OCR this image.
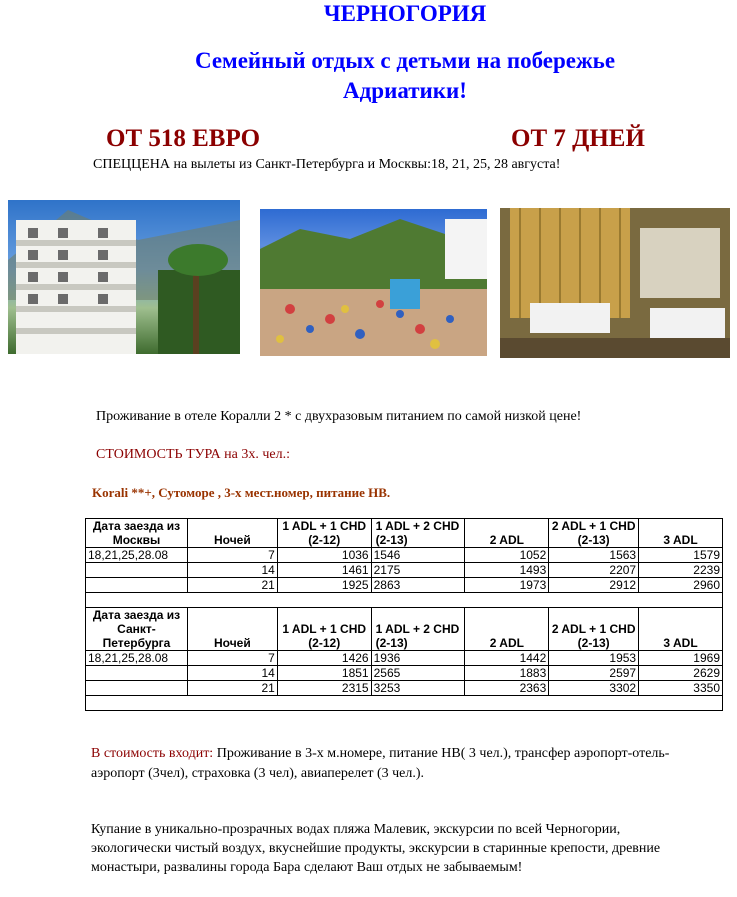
ЧЕРНОГОРИЯ
Семейный отдых с детьми на побережье
Адриатики!
ОТ 518 ЕВРО	ОТ 7 ДНЕЙ
СПЕЦЦЕНА на вылеты из Санкт-Петербурга и Москвы:18, 21, 25, 28 августа!
Проживание в отеле Коралли 2 * с двухразовым питанием по самой низкой цене!
СТОИМОСТЬ ТУРА на 3х. чел.:
Korali **+, Сутоморе , 3-х мест.номер, питание НВ.
Дата заезда из Москвы	Ночей	1 ADL + 1 CHD (2-12)	1 ADL + 2 CHD (2-13)	2 ADL	2 ADL + 1 CHD (2-13)	3 ADL
18,21,25,28.08	7	1036	1546	1052	1563	1579
	14	1461	2175	1493	2207	2239
	21	1925	2863	1973	2912	2960

Дата заезда из Санкт-Петербурга	Ночей	1 ADL + 1 CHD (2-12)	1 ADL + 2 CHD (2-13)	2 ADL	2 ADL + 1 CHD (2-13)	3 ADL
18,21,25,28.08	7	1426	1936	1442	1953	1969
	14	1851	2565	1883	2597	2629
	21	2315	3253	2363	3302	3350

В стоимость входит: Проживание в 3-х м.номере, питание НВ( 3 чел.), трансфер аэропорт-отель-аэропорт (3чел), страховка (3 чел), авиаперелет (3 чел.).
Купание в уникально-прозрачных водах пляжа Малевик, экскурсии по всей Черногории, экологически чистый воздух, вкуснейшие продукты, экскурсии в старинные крепости, древние монастыри, развалины города Бара сделают Ваш отдых не забываемым!
